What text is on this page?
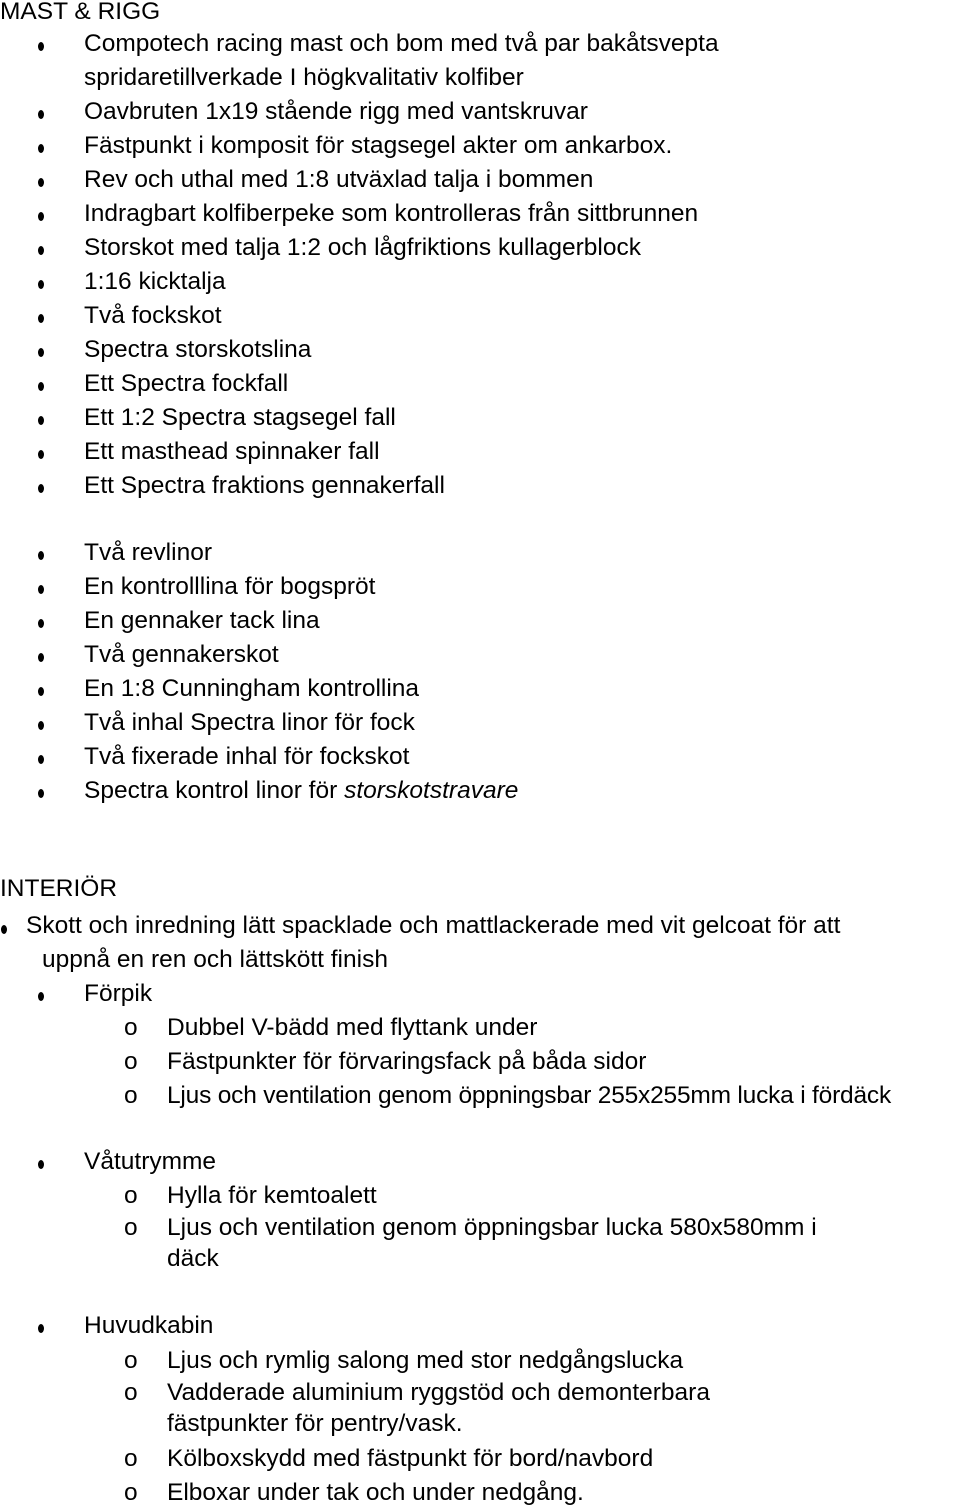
MAST & RIGG
Compotech racing mast och bom med två par bakåtsvepta
spridaretillverkade I högkvalitativ kolfiber
Oavbruten 1x19 stående rigg med vantskruvar
Fästpunkt i komposit för stagsegel akter om ankarbox.
Rev och uthal med 1:8 utväxlad talja i bommen
Indragbart kolfiberpeke som kontrolleras från sittbrunnen
Storskot med talja 1:2 och lågfriktions kullagerblock
1:16 kicktalja
Två fockskot
Spectra storskotslina
Ett Spectra fockfall
Ett 1:2 Spectra stagsegel fall
Ett masthead spinnaker fall
Ett Spectra fraktions gennakerfall
Två revlinor
En kontrolllina för bogspröt
En gennaker tack lina
Två gennakerskot
En 1:8 Cunningham kontrollina
Två inhal Spectra linor för fock
Två fixerade inhal för fockskot
Spectra kontrol linor för storskotstravare
INTERIÖR
Skott och inredning lätt spacklade och mattlackerade med vit gelcoat för att
uppnå en ren och lättskött finish
Förpik
o Dubbel V-bädd med flyttank under
o Fästpunkter för förvaringsfack på båda sidor
o Ljus och ventilation genom öppningsbar 255x255mm lucka i fördäck
Våtutrymme
o Hylla för kemtoalett
o Ljus och ventilation genom öppningsbar lucka 580x580mm i
däck
Huvudkabin
o Ljus och rymlig salong med stor nedgångslucka
o Vadderade aluminium ryggstöd och demonterbara
fästpunkter för pentry/vask.
o Kölboxskydd med fästpunkt för bord/navbord
o Elboxar under tak och under nedgång.
